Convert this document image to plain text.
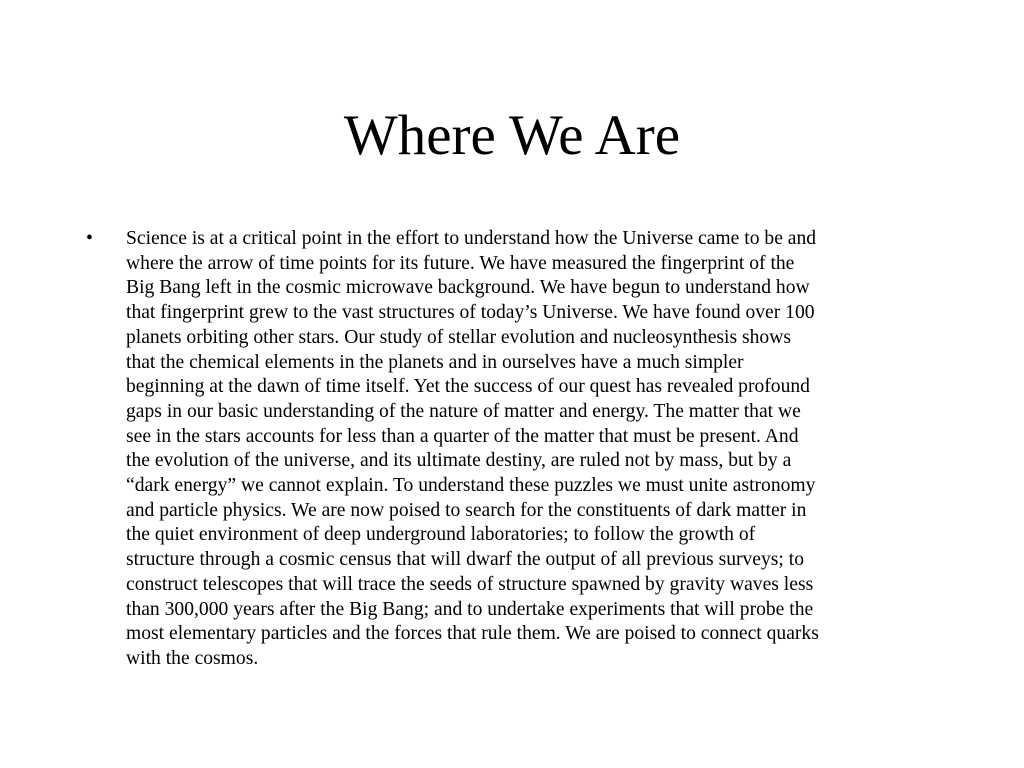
Where We Are
• Science is at a critical point in the effort to understand how the Universe came to be and
where the arrow of time points for its future. We have measured the fingerprint of the
Big Bang left in the cosmic microwave background. We have begun to understand how
that fingerprint grew to the vast structures of today’s Universe. We have found over 100
planets orbiting other stars. Our study of stellar evolution and nucleosynthesis shows
that the chemical elements in the planets and in ourselves have a much simpler
beginning at the dawn of time itself. Yet the success of our quest has revealed profound
gaps in our basic understanding of the nature of matter and energy. The matter that we
see in the stars accounts for less than a quarter of the matter that must be present. And
the evolution of the universe, and its ultimate destiny, are ruled not by mass, but by a
“dark energy” we cannot explain. To understand these puzzles we must unite astronomy
and particle physics. We are now poised to search for the constituents of dark matter in
the quiet environment of deep underground laboratories; to follow the growth of
structure through a cosmic census that will dwarf the output of all previous surveys; to
construct telescopes that will trace the seeds of structure spawned by gravity waves less
than 300,000 years after the Big Bang; and to undertake experiments that will probe the
most elementary particles and the forces that rule them. We are poised to connect quarks
with the cosmos.
